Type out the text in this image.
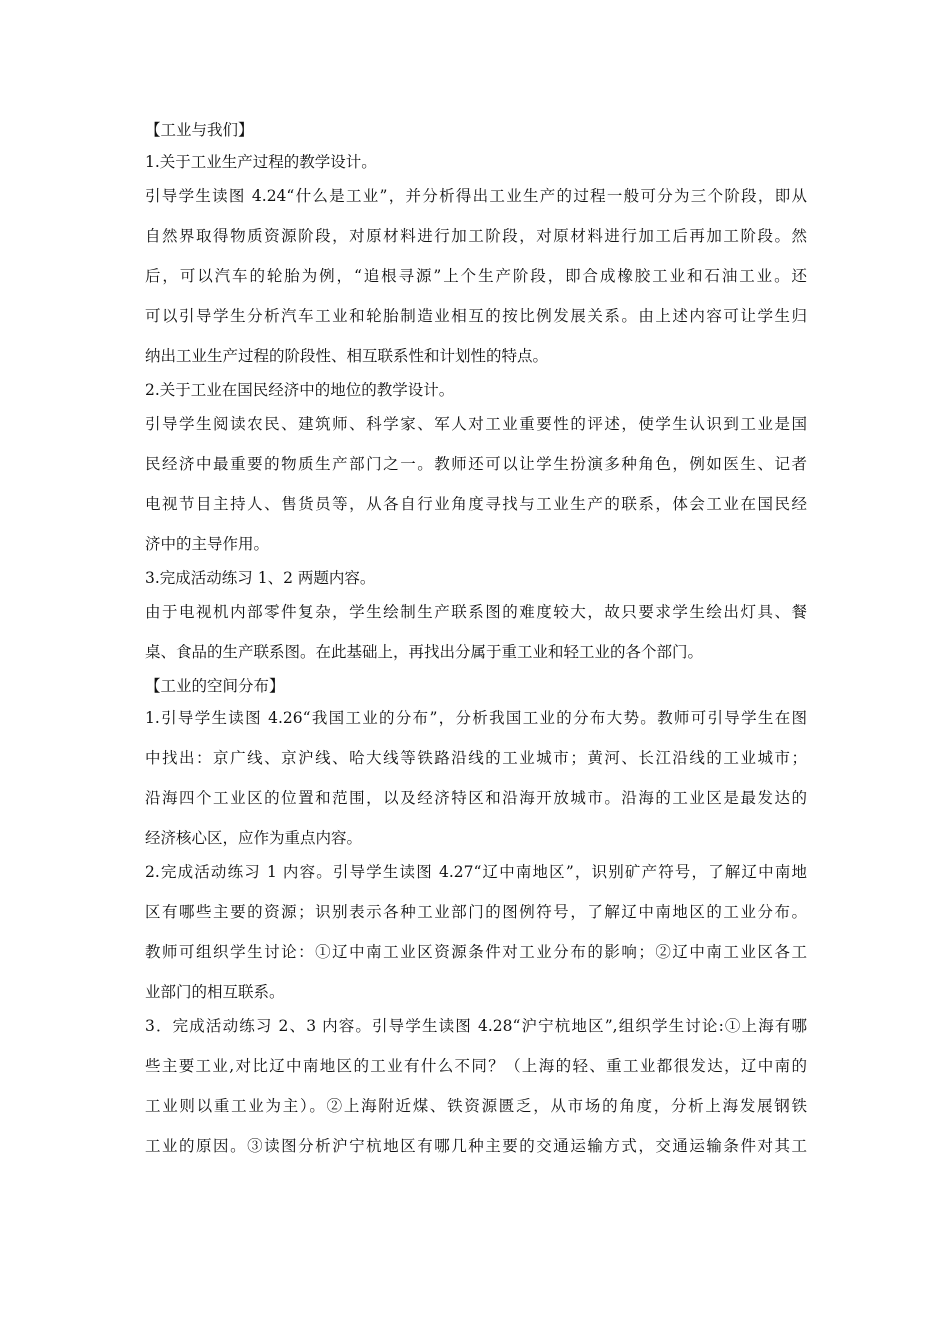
【工业与我们】
1.关于工业生产过程的教学设计。
引导学生读图 4.24“什么是工业”，并分析得出工业生产的过程一般可分为三个阶段，即从
自然界取得物质资源阶段，对原材料进行加工阶段，对原材料进行加工后再加工阶段。然
后，可以汽车的轮胎为例，“追根寻源”上个生产阶段，即合成橡胶工业和石油工业。还
可以引导学生分析汽车工业和轮胎制造业相互的按比例发展关系。由上述内容可让学生归
纳出工业生产过程的阶段性、相互联系性和计划性的特点。
2.关于工业在国民经济中的地位的教学设计。
引导学生阅读农民、建筑师、科学家、军人对工业重要性的评述，使学生认识到工业是国
民经济中最重要的物质生产部门之一。教师还可以让学生扮演多种角色，例如医生、记者
电视节目主持人、售货员等，从各自行业角度寻找与工业生产的联系，体会工业在国民经
济中的主导作用。
3.完成活动练习 1、2 两题内容。
由于电视机内部零件复杂，学生绘制生产联系图的难度较大，故只要求学生绘出灯具、餐
桌、食品的生产联系图。在此基础上，再找出分属于重工业和轻工业的各个部门。
【工业的空间分布】
1.引导学生读图 4.26“我国工业的分布”，分析我国工业的分布大势。教师可引导学生在图
中找出：京广线、京沪线、哈大线等铁路沿线的工业城市；黄河、长江沿线的工业城市；
沿海四个工业区的位置和范围，以及经济特区和沿海开放城市。沿海的工业区是最发达的
经济核心区，应作为重点内容。
2.完成活动练习 1 内容。引导学生读图 4.27“辽中南地区”，识别矿产符号，了解辽中南地
区有哪些主要的资源；识别表示各种工业部门的图例符号，了解辽中南地区的工业分布。
教师可组织学生讨论：①辽中南工业区资源条件对工业分布的影响；②辽中南工业区各工
业部门的相互联系。
3．完成活动练习 2、3 内容。引导学生读图 4.28“沪宁杭地区”,组织学生讨论:①上海有哪
些主要工业,对比辽中南地区的工业有什么不同？（上海的轻、重工业都很发达，辽中南的
工业则以重工业为主）。②上海附近煤、铁资源匮乏，从市场的角度，分析上海发展钢铁
工业的原因。③读图分析沪宁杭地区有哪几种主要的交通运输方式，交通运输条件对其工
